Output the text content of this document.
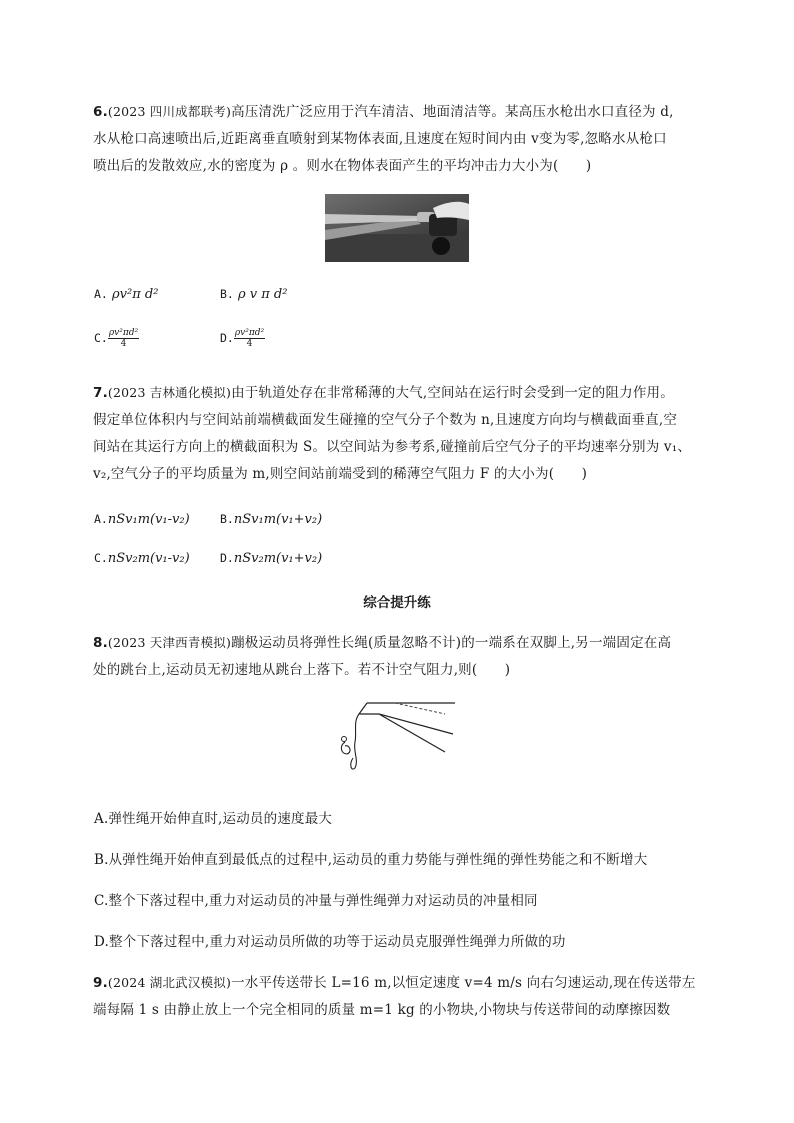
6.(2023 四川成都联考)高压清洗广泛应用于汽车清洁、地面清洁等。某高压水枪出水口直径为 d,
水从枪口高速喷出后,近距离垂直喷射到某物体表面,且速度在短时间内由 v变为零,忽略水从枪口
喷出后的发散效应,水的密度为 ρ 。则水在物体表面产生的平均冲击力大小为(　　)
A. ρv²π d²	B. ρ v π d²
C. $\frac{\text{ρv²πd²}}{4}$	D. $\frac{\text{ρv²πd²}}{4}$
7.(2023 吉林通化模拟)由于轨道处存在非常稀薄的大气,空间站在运行时会受到一定的阻力作用。
假定单位体积内与空间站前端横截面发生碰撞的空气分子个数为 n,且速度方向均与横截面垂直,空
间站在其运行方向上的横截面积为 S。以空间站为参考系,碰撞前后空气分子的平均速率分别为 v₁、
v₂,空气分子的平均质量为 m,则空间站前端受到的稀薄空气阻力 F 的大小为(　　)
A.nSv₁m(v₁-v₂)	B.nSv₁m(v₁+v₂)
C.nSv₂m(v₁-v₂)	D.nSv₂m(v₁+v₂)
综合提升练
8.(2023 天津西青模拟)蹦极运动员将弹性长绳(质量忽略不计)的一端系在双脚上,另一端固定在高
处的跳台上,运动员无初速地从跳台上落下。若不计空气阻力,则(　　)
A.弹性绳开始伸直时,运动员的速度最大
B.从弹性绳开始伸直到最低点的过程中,运动员的重力势能与弹性绳的弹性势能之和不断增大
C.整个下落过程中,重力对运动员的冲量与弹性绳弹力对运动员的冲量相同
D.整个下落过程中,重力对运动员所做的功等于运动员克服弹性绳弹力所做的功
9.(2024 湖北武汉模拟)一水平传送带长 L=16 m,以恒定速度 v=4 m/s 向右匀速运动,现在传送带左
端每隔 1 s 由静止放上一个完全相同的质量 m=1 kg 的小物块,小物块与传送带间的动摩擦因数
